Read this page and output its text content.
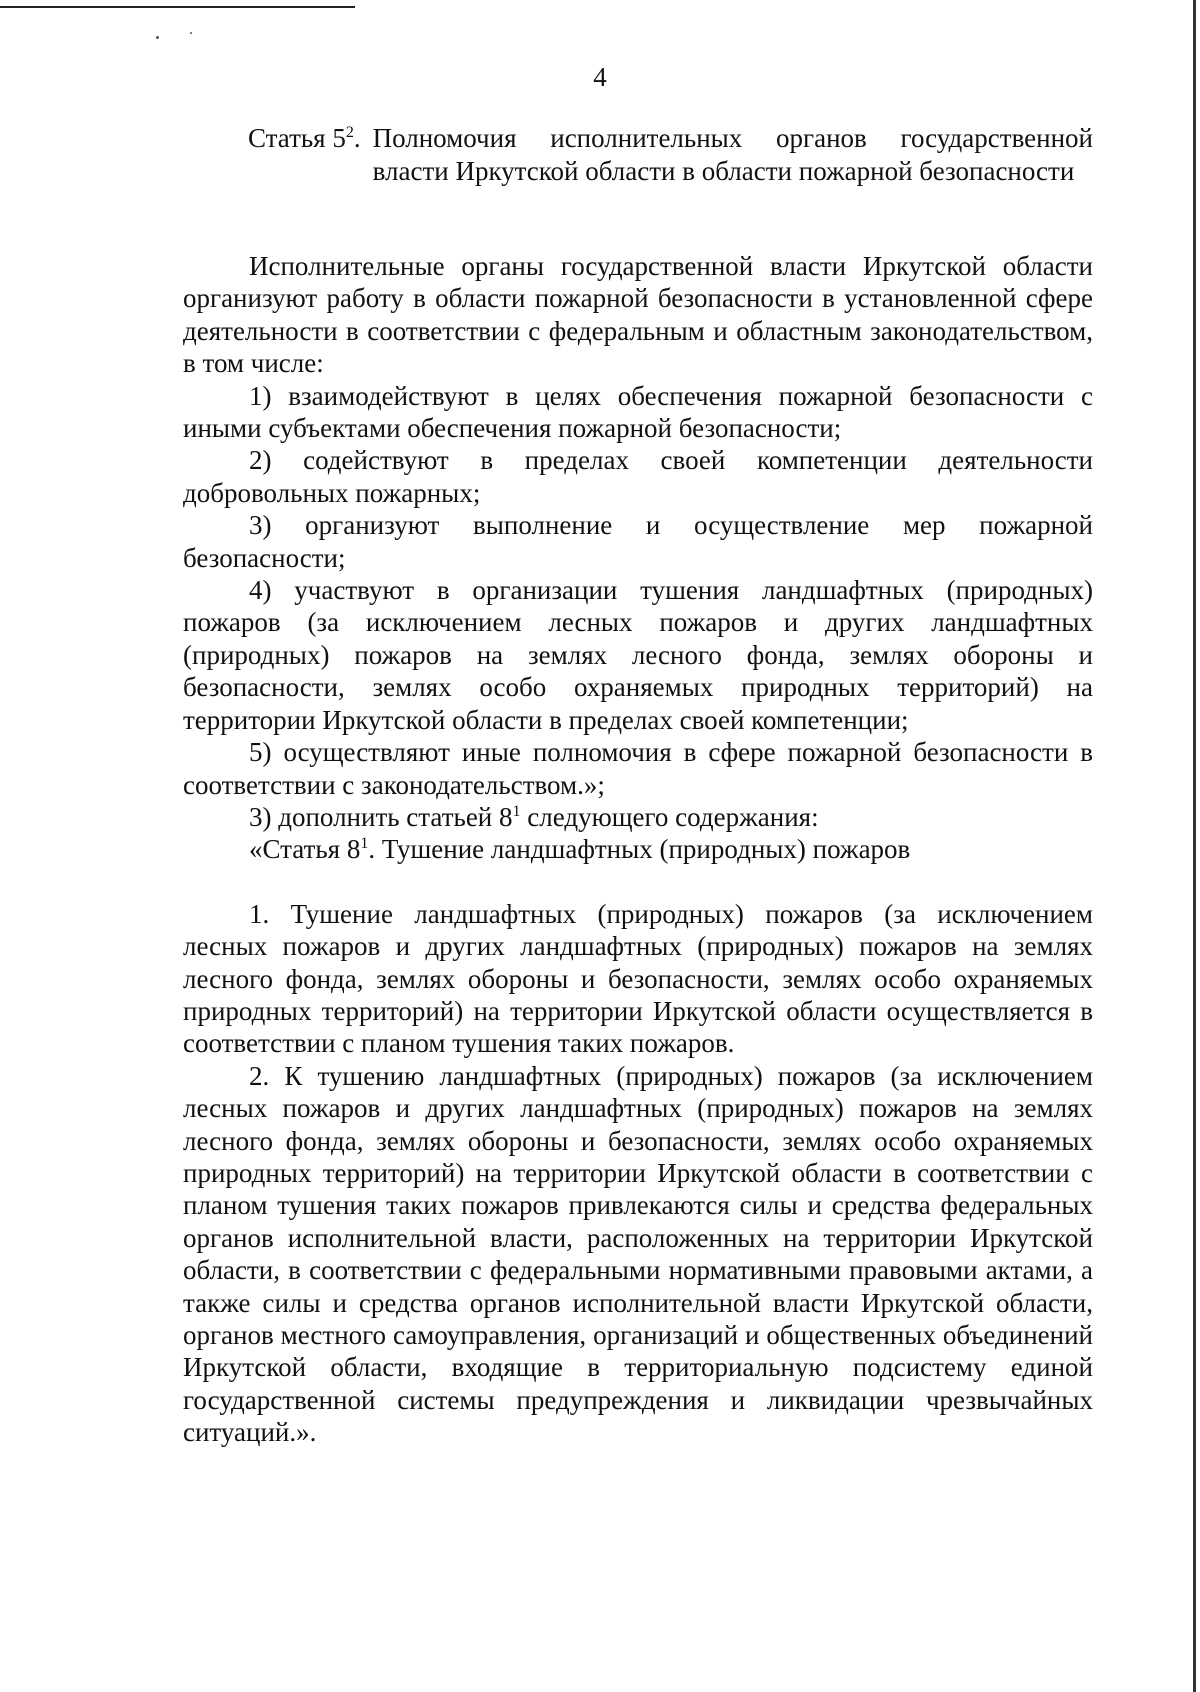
4
Статья $5^2$. Полномочия исполнительных органов государственной власти Иркутской области в области пожарной безопасности

Исполнительные органы государственной власти Иркутской области организуют работу в области пожарной безопасности в установленной сфере деятельности в соответствии с федеральным и областным законодательством, в том числе:

1) взаимодействуют в целях обеспечения пожарной безопасности с иными субъектами обеспечения пожарной безопасности;

2) содействуют в пределах своей компетенции деятельности добровольных пожарных;

3) организуют выполнение и осуществление мер пожарной безопасности;

4) участвуют в организации тушения ландшафтных (природных) пожаров (за исключением лесных пожаров и других ландшафтных (природных) пожаров на землях лесного фонда, землях обороны и безопасности, землях особо охраняемых природных территорий) на территории Иркутской области в пределах своей компетенции;

5) осуществляют иные полномочия в сфере пожарной безопасности в соответствии с законодательством.»;

3) дополнить статьей $8^1$ следующего содержания:

«Статья $8^1$. Тушение ландшафтных (природных) пожаров

1. Тушение ландшафтных (природных) пожаров (за исключением лесных пожаров и других ландшафтных (природных) пожаров на землях лесного фонда, землях обороны и безопасности, землях особо охраняемых природных территорий) на территории Иркутской области осуществляется в соответствии с планом тушения таких пожаров.

2. К тушению ландшафтных (природных) пожаров (за исключением лесных пожаров и других ландшафтных (природных) пожаров на землях лесного фонда, землях обороны и безопасности, землях особо охраняемых природных территорий) на территории Иркутской области в соответствии с планом тушения таких пожаров привлекаются силы и средства федеральных органов исполнительной власти, расположенных на территории Иркутской области, в соответствии с федеральными нормативными правовыми актами, а также силы и средства органов исполнительной власти Иркутской области, органов местного самоуправления, организаций и общественных объединений Иркутской области, входящие в территориальную подсистему единой государственной системы предупреждения и ликвидации чрезвычайных ситуаций.».
